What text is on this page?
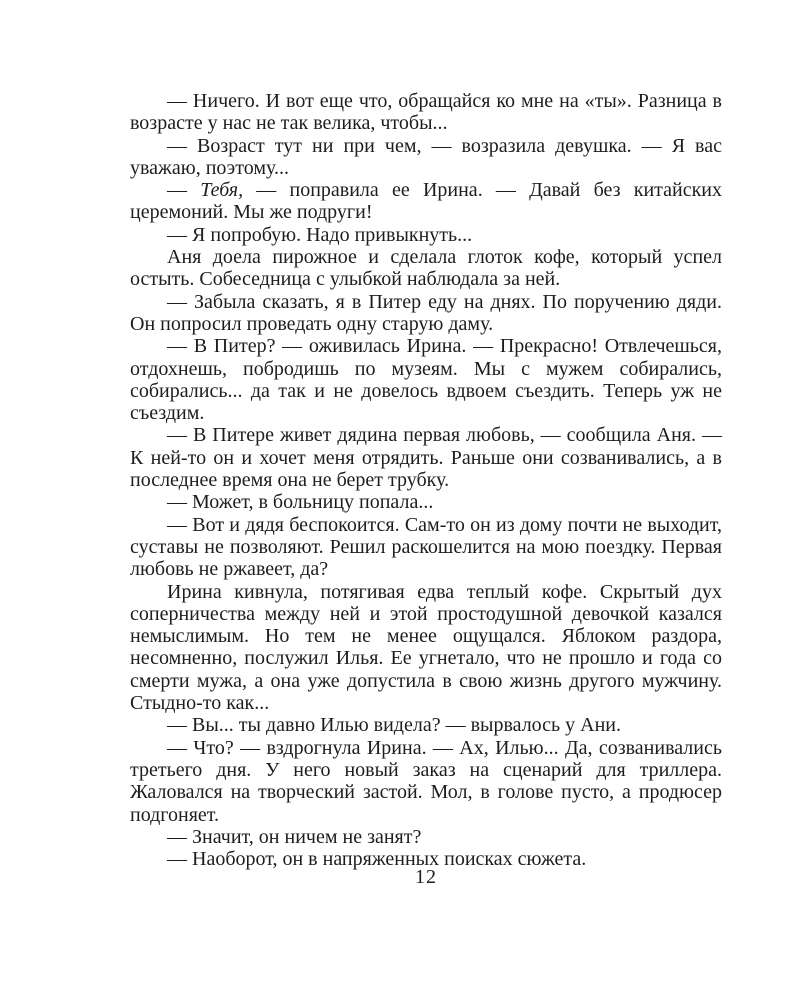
— Ничего. И вот еще что, обращайся ко мне на «ты». Разница в возрасте у нас не так велика, чтобы...

— Возраст тут ни при чем, — возразила девушка. — Я вас уважаю, поэтому...

— Тебя, — поправила ее Ирина. — Давай без китайских церемоний. Мы же подруги!

— Я попробую. Надо привыкнуть...

Аня доела пирожное и сделала глоток кофе, который успел остыть. Собеседница с улыбкой наблюдала за ней.

— Забыла сказать, я в Питер еду на днях. По поручению дяди. Он попросил проведать одну старую даму.

— В Питер? — оживилась Ирина. — Прекрасно! Отвлечешься, отдохнешь, побродишь по музеям. Мы с мужем собирались, собирались... да так и не довелось вдвоем съездить. Теперь уж не съездим.

— В Питере живет дядина первая любовь, — сообщила Аня. — К ней-то он и хочет меня отрядить. Раньше они созванивались, а в последнее время она не берет трубку.

— Может, в больницу попала...

— Вот и дядя беспокоится. Сам-то он из дому почти не выходит, суставы не позволяют. Решил раскошелится на мою поездку. Первая любовь не ржавеет, да?

Ирина кивнула, потягивая едва теплый кофе. Скрытый дух соперничества между ней и этой простодушной девочкой казался немыслимым. Но тем не менее ощущался. Яблоком раздора, несомненно, послужил Илья. Ее угнетало, что не прошло и года со смерти мужа, а она уже допустила в свою жизнь другого мужчину. Стыдно-то как...

— Вы... ты давно Илью видела? — вырвалось у Ани.

— Что? — вздрогнула Ирина. — Ах, Илью... Да, созванивались третьего дня. У него новый заказ на сценарий для триллера. Жаловался на творческий застой. Мол, в голове пусто, а продюсер подгоняет.

— Значит, он ничем не занят?

— Наоборот, он в напряженных поисках сюжета.

12
